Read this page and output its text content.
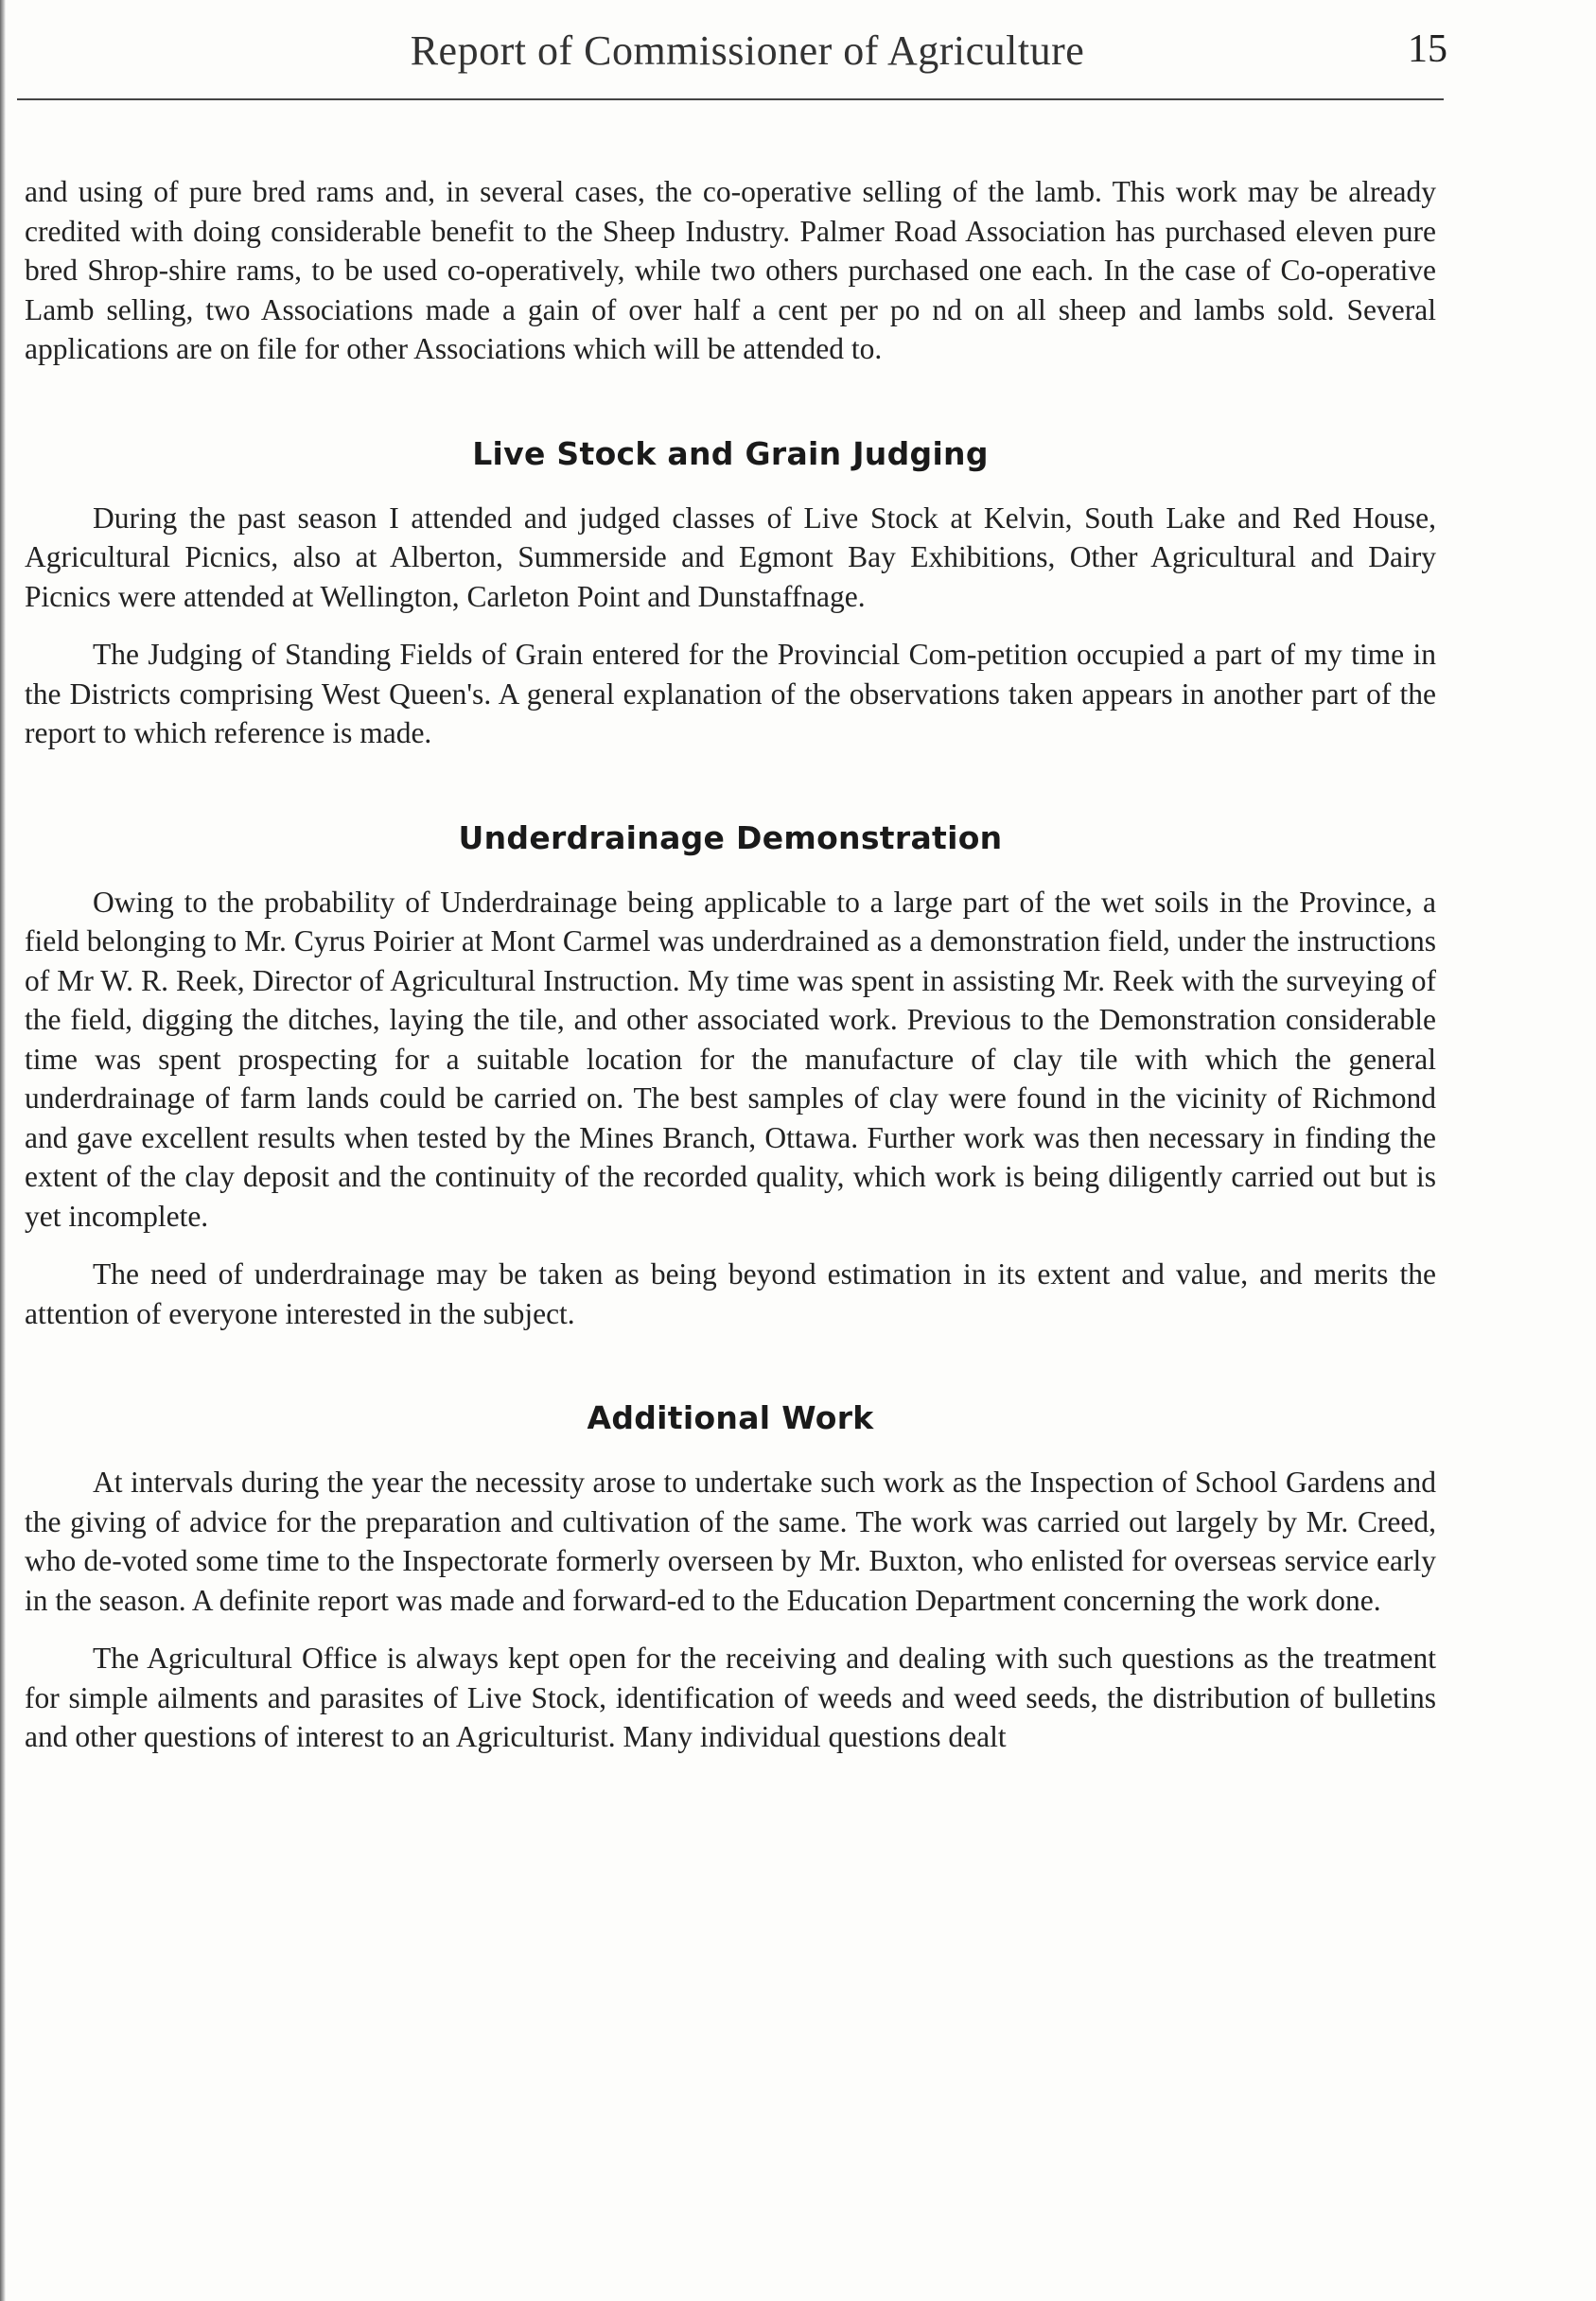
Report of Commissioner of Agriculture	15

and using of pure bred rams and, in several cases, the co-operative selling of the lamb. This work may be already credited with doing considerable benefit to the Sheep Industry. Palmer Road Association has purchased eleven pure bred Shrop-shire rams, to be used co-operatively, while two others purchased one each. In the case of Co-operative Lamb selling, two Associations made a gain of over half a cent per po nd on all sheep and lambs sold. Several applications are on file for other Associations which will be attended to.

Live Stock and Grain Judging

During the past season I attended and judged classes of Live Stock at Kelvin, South Lake and Red House, Agricultural Picnics, also at Alberton, Summerside and Egmont Bay Exhibitions, Other Agricultural and Dairy Picnics were attended at Wellington, Carleton Point and Dunstaffnage.

The Judging of Standing Fields of Grain entered for the Provincial Com-petition occupied a part of my time in the Districts comprising West Queen's. A general explanation of the observations taken appears in another part of the report to which reference is made.

Underdrainage Demonstration

Owing to the probability of Underdrainage being applicable to a large part of the wet soils in the Province, a field belonging to Mr. Cyrus Poirier at Mont Carmel was underdrained as a demonstration field, under the instructions of Mr W. R. Reek, Director of Agricultural Instruction. My time was spent in assisting Mr. Reek with the surveying of the field, digging the ditches, laying the tile, and other associated work. Previous to the Demonstration considerable time was spent prospecting for a suitable location for the manufacture of clay tile with which the general underdrainage of farm lands could be carried on. The best samples of clay were found in the vicinity of Richmond and gave excellent results when tested by the Mines Branch, Ottawa. Further work was then necessary in finding the extent of the clay deposit and the continuity of the recorded quality, which work is being diligently carried out but is yet incomplete.

The need of underdrainage may be taken as being beyond estimation in its extent and value, and merits the attention of everyone interested in the subject.

Additional Work

At intervals during the year the necessity arose to undertake such work as the Inspection of School Gardens and the giving of advice for the preparation and cultivation of the same. The work was carried out largely by Mr. Creed, who de-voted some time to the Inspectorate formerly overseen by Mr. Buxton, who enlisted for overseas service early in the season. A definite report was made and forward-ed to the Education Department concerning the work done.

The Agricultural Office is always kept open for the receiving and dealing with such questions as the treatment for simple ailments and parasites of Live Stock, identification of weeds and weed seeds, the distribution of bulletins and other questions of interest to an Agriculturist. Many individual questions dealt
